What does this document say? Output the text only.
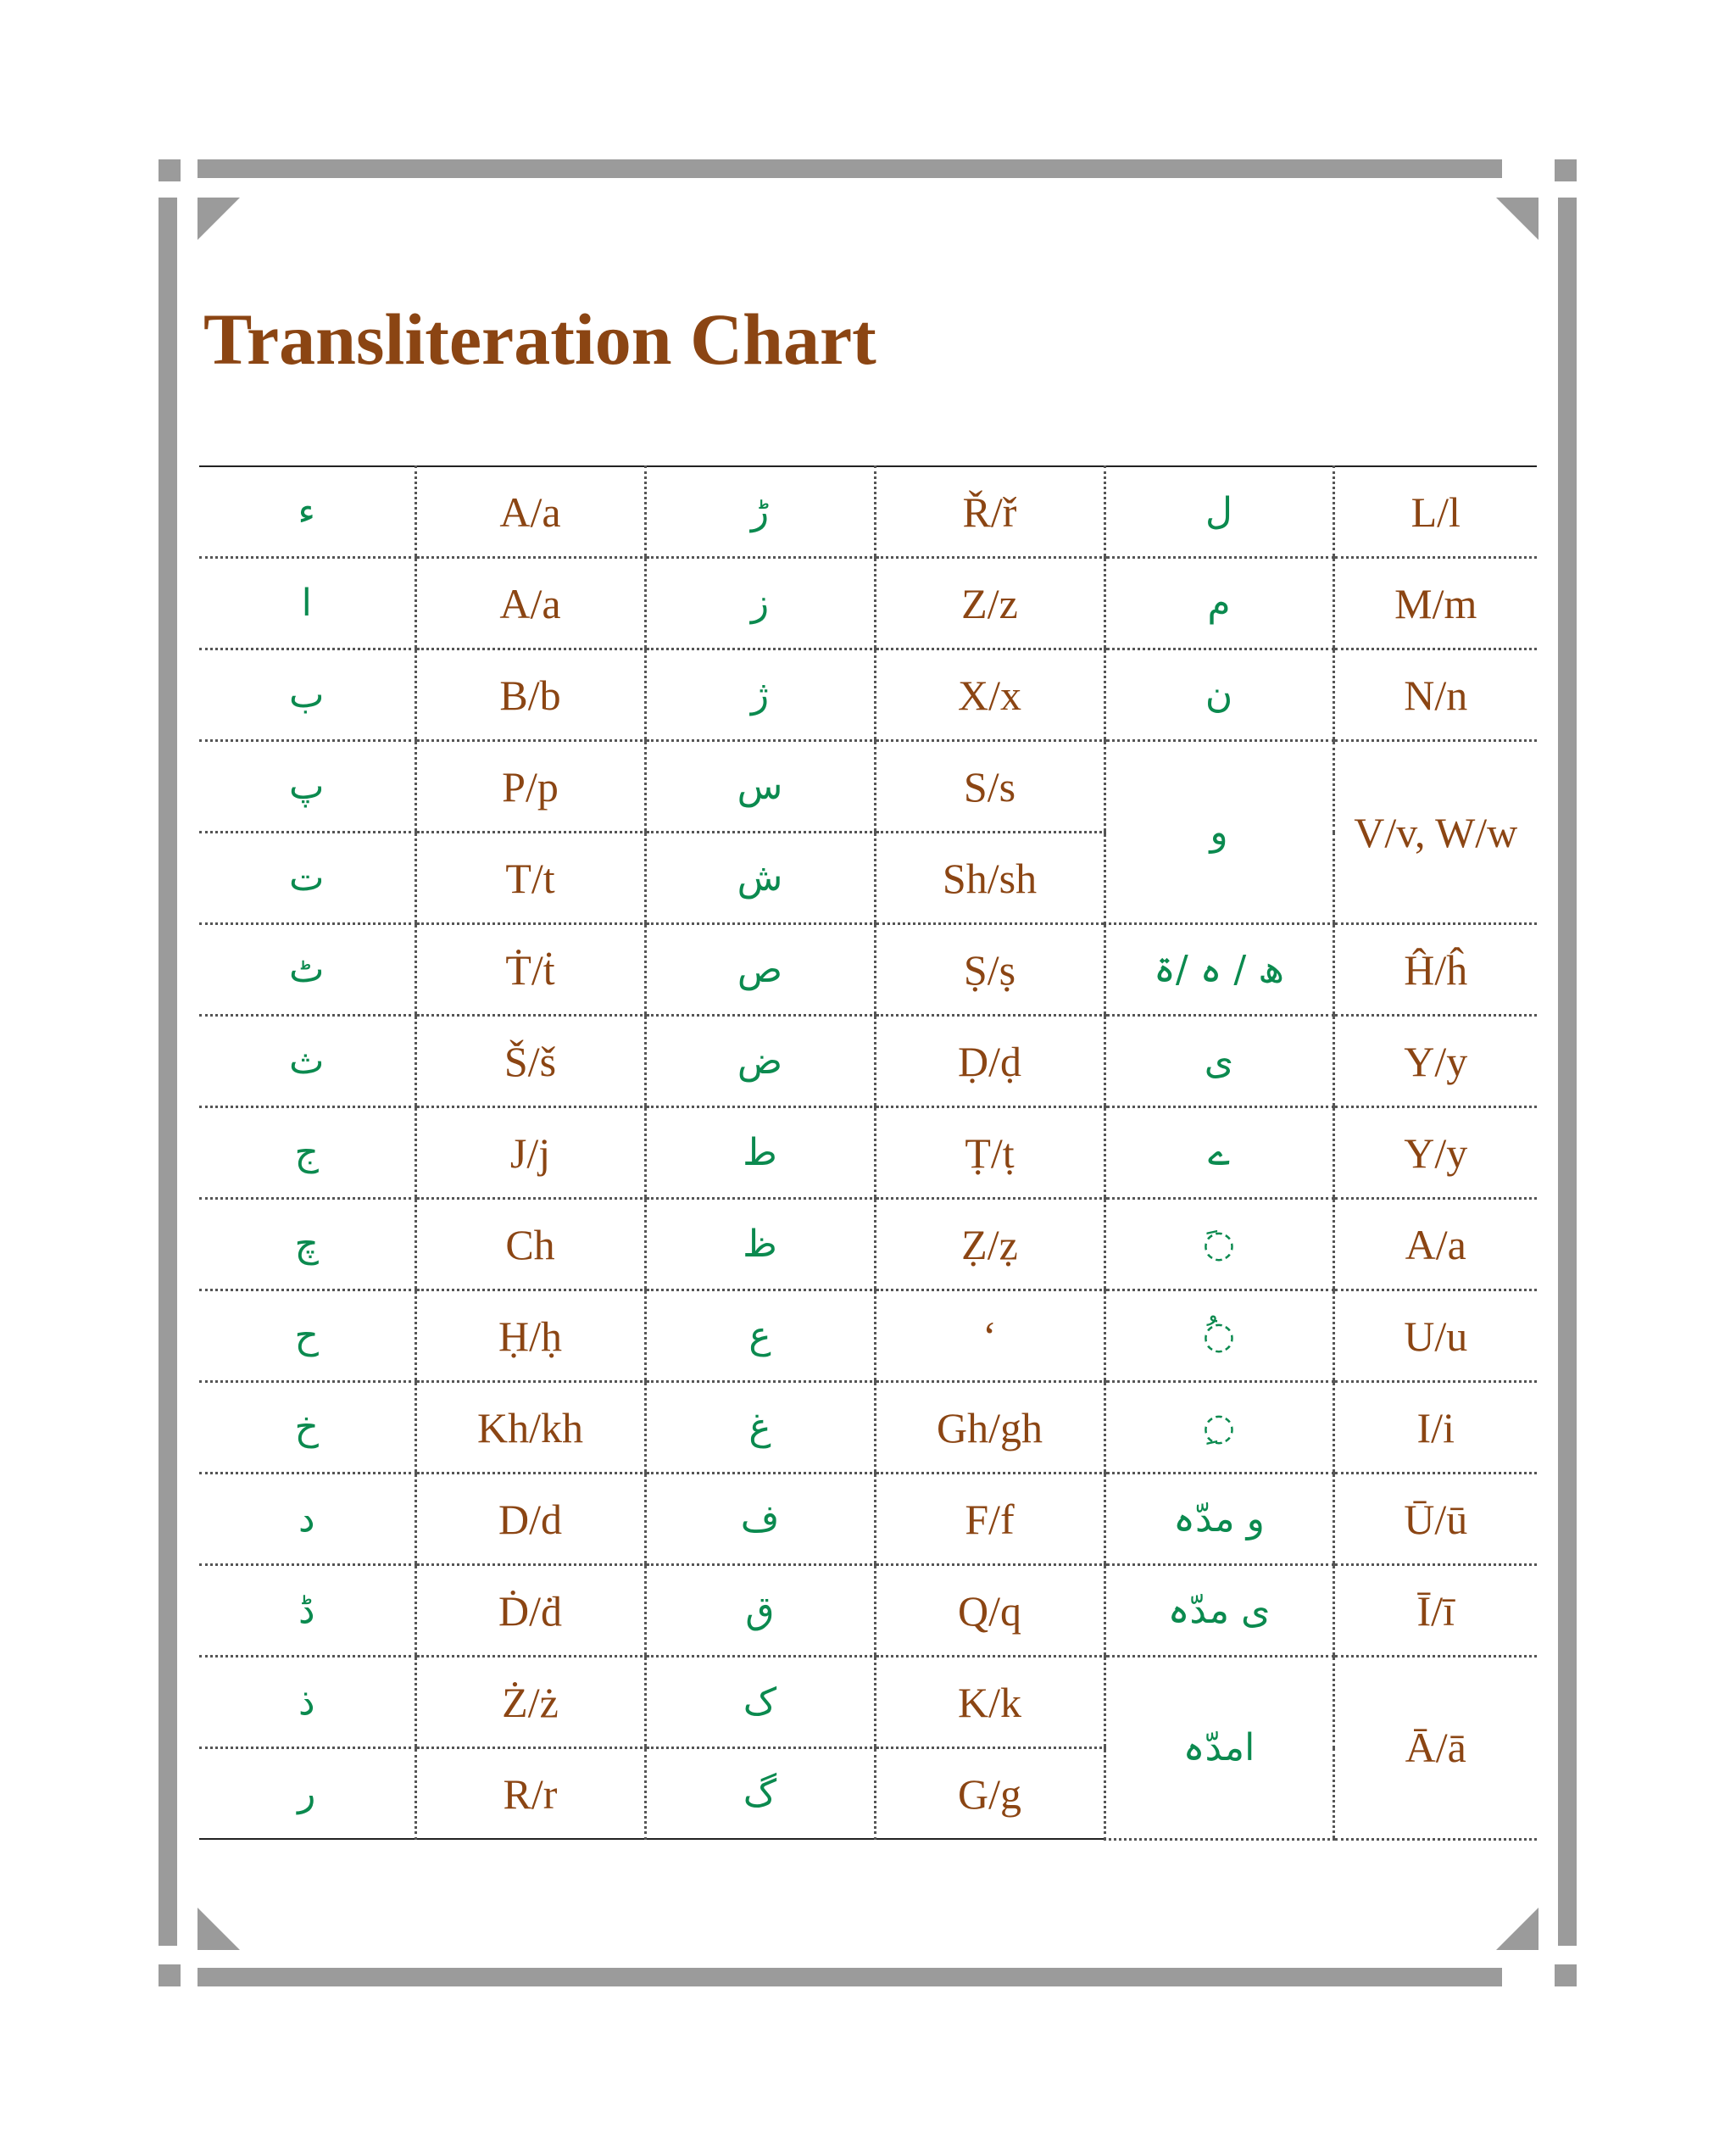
Transliteration Chart
ء	A/a	ڑ	Ř/ř	ل	L/l
ا	A/a	ز	Z/z	م	M/m
ب	B/b	ژ	X/x	ن	N/n
پ	P/p	س	S/s	و	V/v, W/w
ت	T/t	ش	Sh/sh		
ٹ	Ṫ/ṫ	ص	Ṣ/ṣ	ھ / ہ /ۃ	Ĥ/ĥ
ث	Š/š	ض	Ḍ/ḍ	ی	Y/y
ج	J/j	ط	Ṭ/ṭ	ے	Y/y
چ	Ch	ظ	Ẓ/ẓ	◌َ	A/a
ح	Ḥ/ḥ	ع	‘	◌ُ	U/u
خ	Kh/kh	غ	Gh/gh	◌ِ	I/i
د	D/d	ف	F/f	و مدّہ	Ū/ū
ڈ	Ḋ/ḋ	ق	Q/q	ی مدّہ	Ī/ī
ذ	Ż/ż	ک	K/k	امدّہ	Ā/ā
ر	R/r	گ	G/g		
